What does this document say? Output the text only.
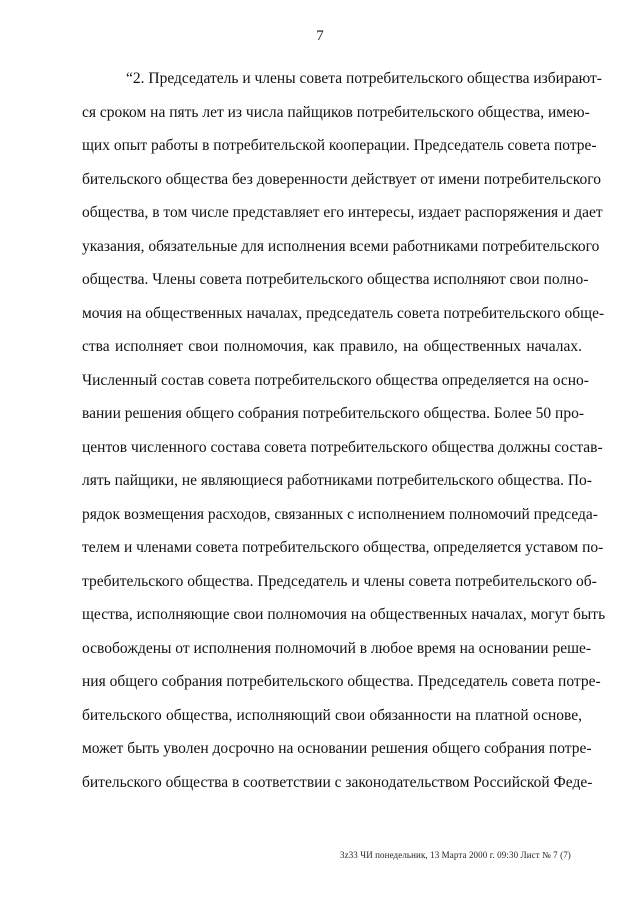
7
“2. Председатель и члены совета потребительского общества избирают-
ся сроком на пять лет из числа пайщиков потребительского общества, имею-
щих опыт работы в потребительской кооперации. Председатель совета потре-
бительского общества без доверенности действует от имени потребительского
общества, в том числе представляет его интересы, издает распоряжения и дает
указания, обязательные для исполнения всеми работниками потребительского
общества. Члены совета потребительского общества исполняют свои полно-
мочия на общественных началах, председатель совета потребительского обще-
ства исполняет свои полномочия, как правило, на общественных началах.
Численный состав совета потребительского общества определяется на осно-
вании решения общего собрания потребительского общества. Более 50 про-
центов численного состава совета потребительского общества должны состав-
лять пайщики, не являющиеся работниками потребительского общества. По-
рядок возмещения расходов, связанных с исполнением полномочий председа-
телем и членами совета потребительского общества, определяется уставом по-
требительского общества. Председатель и члены совета потребительского об-
щества, исполняющие свои полномочия на общественных началах, могут быть
освобождены от исполнения полномочий в любое время на основании реше-
ния общего собрания потребительского общества. Председатель совета потре-
бительского общества, исполняющий свои обязанности на платной основе,
может быть уволен досрочно на основании решения общего собрания потре-
бительского общества в соответствии с законодательством Российской Феде-
3z33 ЧИ понедельник, 13 Марта 2000 г. 09:30 Лист № 7 (7)
